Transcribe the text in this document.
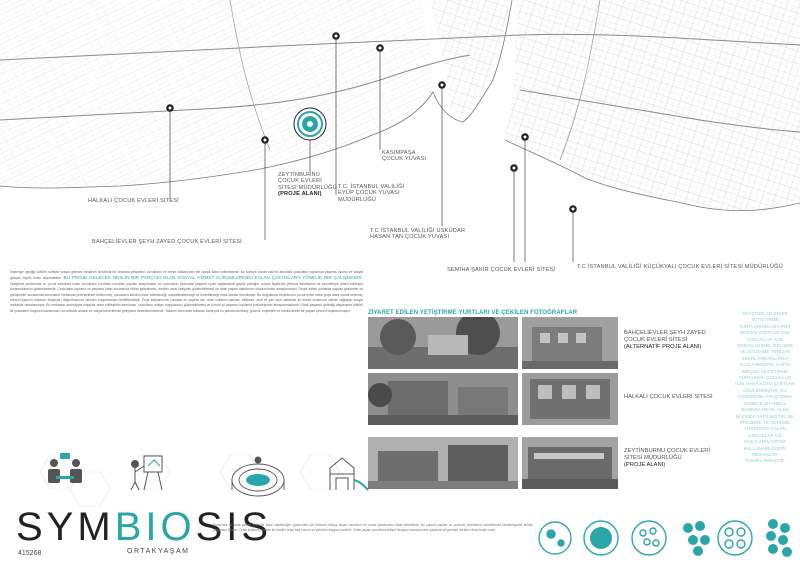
HALKALI ÇOCUK EVLERİ SİTESİ
BAHÇELİEVLER ŞEYH ZAYED ÇOCUK EVLERİ SİTESİ
ZEYTİNBURNU
ÇOCUK EVLERİ
SİTESİ MÜDÜRLÜĞÜ
(PROJE ALANI)
T.C. İSTANBUL VALİLİĞİ
EYÜP ÇOCUK YUVASI
MÜDÜRLÜĞÜ
KASIMPAŞA
ÇOCUK YUVASI
T.C İSTANBUL VALİLİĞİ ÜSKÜDAR
HASAN TAN ÇOCUK YUVASI
SEMİHA ŞAKİR ÇOCUK EVLERİ SİTESİ	T.C İSTANBUL VALİLİĞİ KÜÇÜKYALI ÇOCUK EVLERİ SİTESİ MÜDÜRLÜĞÜ
İnsanlığın geçtiği kültürel süreçte sosyal gelecek nesillerin kurumsal bir ortamda yetişmesi, çocukların en temel haklarından biri olarak kabul edilmektedir. Bu süreçte kurum bakımı altındaki çocukların toplumsal yaşama uyumu ve sosyal gelişimi büyük önem taşımaktadır. BU PROJE GELECEK NESLİN BİR PARÇASI OLAN SOSYAL HİZMET KURUMLARINDA KALAN ÇOCUKLARA YÖNELİK BİR ÇALIŞMADIR. Yetiştirme yurtlarında ve çocuk evlerinde kalan çocukların sorunları üzerinde yapılan araştırmalar, bu çocukların toplumsal yaşama uyum sağlamakta güçlük çektiğini, sosyal ilişkilerde yetersiz kaldıklarını ve çevreleriyle yeterli etkileşim kuramadıklarını göstermektedir. Çocukların topluma ve yaşlılara karşı sorumluluk bilinci geliştirmesi, nesiller arası iletişimin güçlendirilmesi ve ortak yaşam alanlarının oluşturulması amaçlanmıştır. Tespit edilen yurtlarda yapılan gözlemler ve görüşmeler sonucunda kurumların mekansal yetersizlikleri belirlenmiş, çocukların kendini ifade edebileceği, sosyalleşebileceği ve üretebileceği ortak alanlar önerilmiştir. Bu doğrultuda zeytinburnu çocuk evleri sitesi proje alanı olarak seçilmiş, mevcut yapının kullanıcı ihtiyaçları doğrultusunda yeniden kurgulanması hedeflenmiştir. Proje kapsamında çocuklar ve yaşlılar için ortak kullanım alanları, atölyeler, açık ve yarı açık mekanlar ile esnek kullanıma olanak sağlayan sosyal mekanlar tasarlanmıştır. Bu mekanlar aracılığıyla kuşaklar arası etkileşimin artırılması, çocukların aidiyet duygusunun güçlendirilmesi ve kurum içi yaşamın toplumla bütünleşmesi amaçlanmaktadır. Ortak yaşamın getirdiği dayanışma kültürü ile çocukların özgüven kazanması, sorumluluk alması ve sosyal becerilerinin gelişmesi desteklenmektedir. Tasarım sürecinde kullanıcı deneyimi ön planda tutulmuş, güvenli, erişilebilir ve sürdürülebilir bir yaşam çevresi oluşturulmuştur.	ZİYARET EDİLEN YETİŞTİRME YURTLARI VE ÇEKİLEN FOTOĞRAFLAR
BAHÇELİEVLER ŞEYH ZAYED
ÇOCUK EVLERİ SİTESİ
(ALTERNATİF PROJE ALANI)
HALKALI ÇOCUK EVLERİ SİTESİ
ZEYTİNBURNU ÇOCUK EVLERİ
SİTESİ MÜDÜRLÜĞÜ
(PROJE ALANI)
ARAŞTIRILAN DIĞER YETIŞTIRME YURTLARINDA ZIYARET EDILEN YURTLAR GIBI ÇOCUKLAR IÇIN SOSYALLEŞME, GELIŞME VE EĞLENME YERLERI SINIRLI IMKANLARLA SAĞLANMIŞTIR. HATTA BIRÇOK YETIŞTIRME YURDUNDA ÇOCUKLAR IÇIN DAHA KÖTÜ ŞARTLAR GÖZLENMIŞTIR. BU YÜZDEN BU ARAŞTIRMA SADECE ISTANBUL BAZINDA DEĞIL ÜLKE BAZINDA YAPILMIŞTIR. BU PROJEDE YETIŞTIRME YURDUNDA KALAN ÇOCUKLAR ILE YAŞLILARIN ORTAK KULLANABILECEĞI MEKANLAR TASARLANMIŞTIR.
SYMBIOSIS
ORTAKYAŞAM
415268
Symbiosis iyi ortak yaşam şeklinde fazla olabileceğini göstermek için birbirine ihtiyaç duyan canlıların bir arada yaşamasını ifade etmektedir. Bu yapıda yaşlılar ve çocuklar birbirlerinin eksikliklerini tamamlayarak birlikte yaşamayı öğrenir. Ortak kullanım alanları ile nesiller arası bağ kurulur ve yalnızlık duygusu azaltılır. Ortak yaşam çocuklara aidiyet duygusu kazandırırken yaşlılara da yeniden üretken olma fırsatı sunar.
